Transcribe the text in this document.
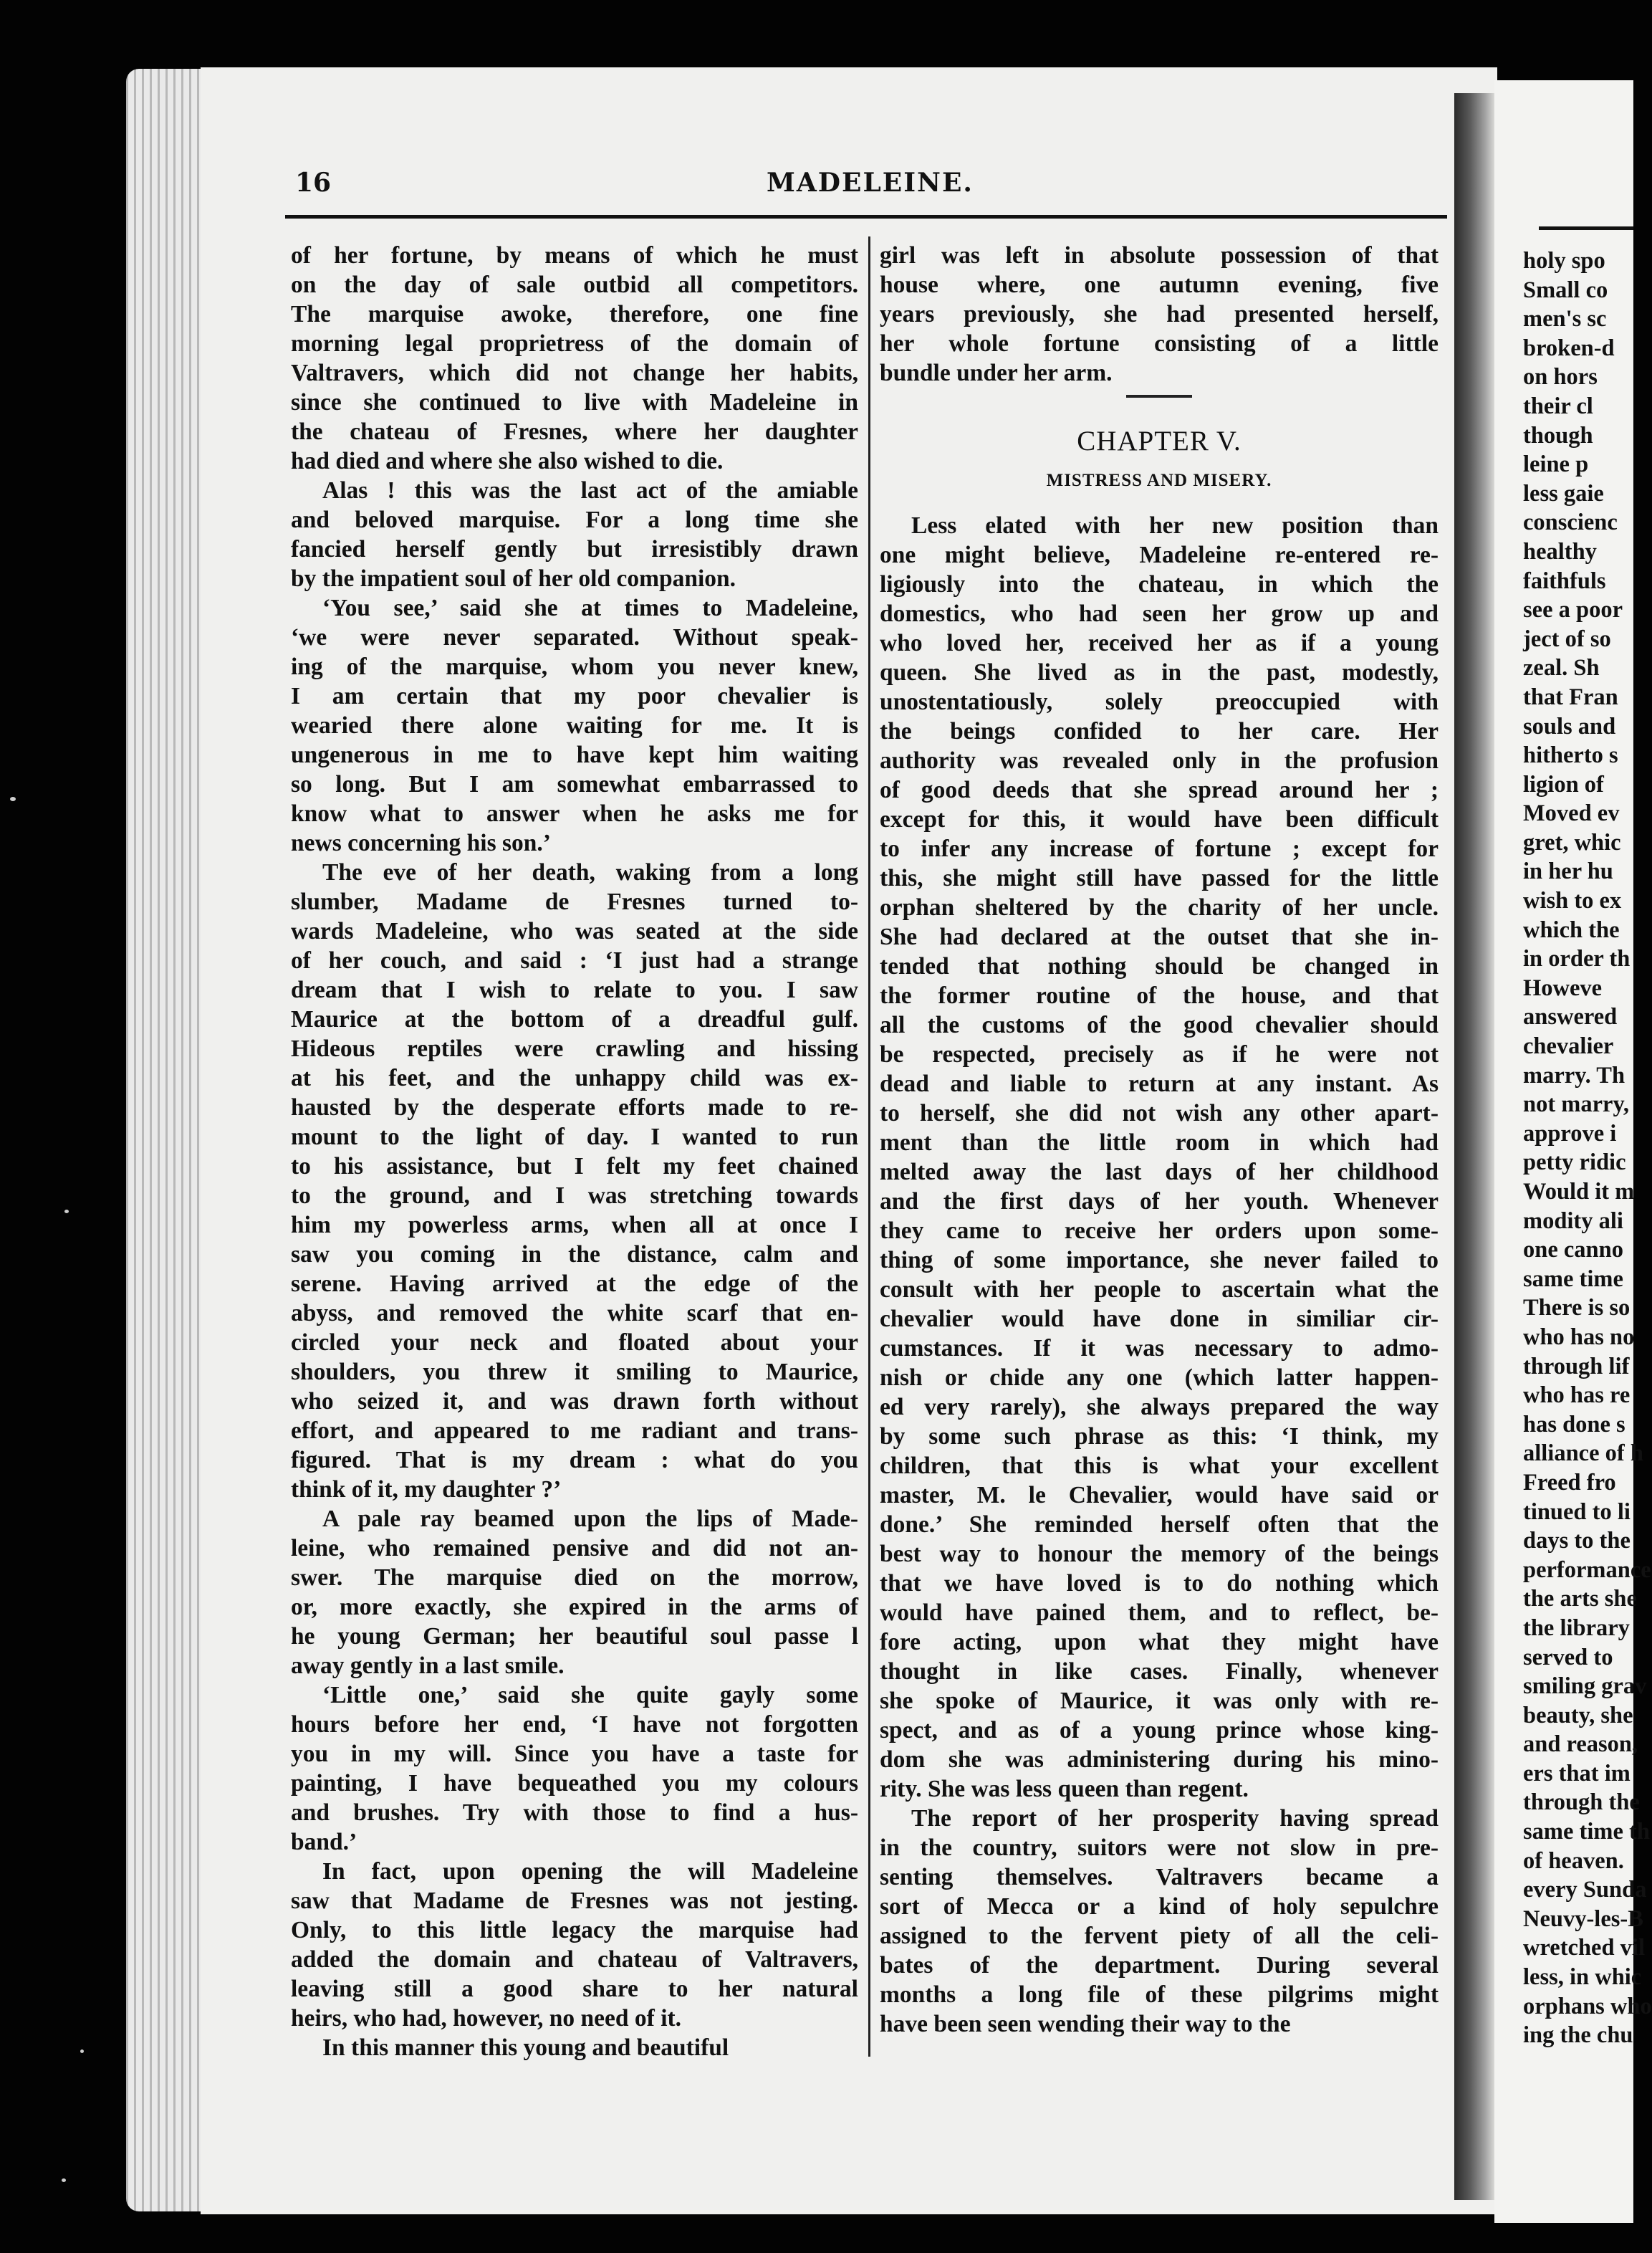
16	MADELEINE.

of her fortune, by means of which he must

on the day of sale outbid all competitors.

The marquise awoke, therefore, one fine

morning legal proprietress of the domain of

Valtravers, which did not change her habits,

since she continued to live with Madeleine in

the chateau of Fresnes, where her daughter

had died and where she also wished to die.

Alas ! this was the last act of the amiable

and beloved marquise. For a long time she

fancied herself gently but irresistibly drawn

by the impatient soul of her old companion.

‘You see,’ said she at times to Madeleine,

‘we were never separated. Without speak-

ing of the marquise, whom you never knew,

I am certain that my poor chevalier is

wearied there alone waiting for me. It is

ungenerous in me to have kept him waiting

so long. But I am somewhat embarrassed to

know what to answer when he asks me for

news concerning his son.’

The eve of her death, waking from a long

slumber, Madame de Fresnes turned to-

wards Madeleine, who was seated at the side

of her couch, and said : ‘I just had a strange

dream that I wish to relate to you. I saw

Maurice at the bottom of a dreadful gulf.

Hideous reptiles were crawling and hissing

at his feet, and the unhappy child was ex-

hausted by the desperate efforts made to re-

mount to the light of day. I wanted to run

to his assistance, but I felt my feet chained

to the ground, and I was stretching towards

him my powerless arms, when all at once I

saw you coming in the distance, calm and

serene. Having arrived at the edge of the

abyss, and removed the white scarf that en-

circled your neck and floated about your

shoulders, you threw it smiling to Maurice,

who seized it, and was drawn forth without

effort, and appeared to me radiant and trans-

figured. That is my dream : what do you

think of it, my daughter ?’

A pale ray beamed upon the lips of Made-

leine, who remained pensive and did not an-

swer. The marquise died on the morrow,

or, more exactly, she expired in the arms of

he young German; her beautiful soul passe l

away gently in a last smile.

‘Little one,’ said she quite gayly some

hours before her end, ‘I have not forgotten

you in my will. Since you have a taste for

painting, I have bequeathed you my colours

and brushes. Try with those to find a hus-

band.’

In fact, upon opening the will Madeleine

saw that Madame de Fresnes was not jesting.

Only, to this little legacy the marquise had

added the domain and chateau of Valtravers,

leaving still a good share to her natural

heirs, who had, however, no need of it.

In this manner this young and beautiful

girl was left in absolute possession of that

house where, one autumn evening, five

years previously, she had presented herself,

her whole fortune consisting of a little

bundle under her arm.

CHAPTER V.

MISTRESS AND MISERY.

Less elated with her new position than

one might believe, Madeleine re-entered re-

ligiously into the chateau, in which the

domestics, who had seen her grow up and

who loved her, received her as if a young

queen. She lived as in the past, modestly,

unostentatiously, solely preoccupied with

the beings confided to her care. Her

authority was revealed only in the profusion

of good deeds that she spread around her ;

except for this, it would have been difficult

to infer any increase of fortune ; except for

this, she might still have passed for the little

orphan sheltered by the charity of her uncle.

She had declared at the outset that she in-

tended that nothing should be changed in

the former routine of the house, and that

all the customs of the good chevalier should

be respected, precisely as if he were not

dead and liable to return at any instant. As

to herself, she did not wish any other apart-

ment than the little room in which had

melted away the last days of her childhood

and the first days of her youth. Whenever

they came to receive her orders upon some-

thing of some importance, she never failed to

consult with her people to ascertain what the

chevalier would have done in similiar cir-

cumstances. If it was necessary to admo-

nish or chide any one (which latter happen-

ed very rarely), she always prepared the way

by some such phrase as this: ‘I think, my

children, that this is what your excellent

master, M. le Chevalier, would have said or

done.’ She reminded herself often that the

best way to honour the memory of the beings

that we have loved is to do nothing which

would have pained them, and to reflect, be-

fore acting, upon what they might have

thought in like cases. Finally, whenever

she spoke of Maurice, it was only with re-

spect, and as of a young prince whose king-

dom she was administering during his mino-

rity. She was less queen than regent.

The report of her prosperity having spread

in the country, suitors were not slow in pre-

senting themselves. Valtravers became a

sort of Mecca or a kind of holy sepulchre

assigned to the fervent piety of all the celi-

bates of the department. During several

months a long file of these pilgrims might

have been seen wending their way to the

holy spo

Small co

men's sc

broken-d

on hors

their cl

though

leine p

less gaie

conscienc

healthy

faithfuls

see a poor

ject of so

zeal. Sh

that Fran

souls and

hitherto s

ligion of

Moved ev

gret, whic

in her hu

wish to ex

which the

in order th

Howeve

answered

chevalier

marry. Th

not marry,

approve i

petty ridic

Would it m

modity ali

one canno

same time

There is so

who has no

through lif

who has re

has done s

alliance of h

Freed fro

tinued to li

days to the

performance

the arts she

the library

served to

smiling grav

beauty, she

and reason,

ers that im

through the

same time th

of heaven.

every Sunda

Neuvy-les-B

wretched vil

less, in whic

orphans who

ing the chu
